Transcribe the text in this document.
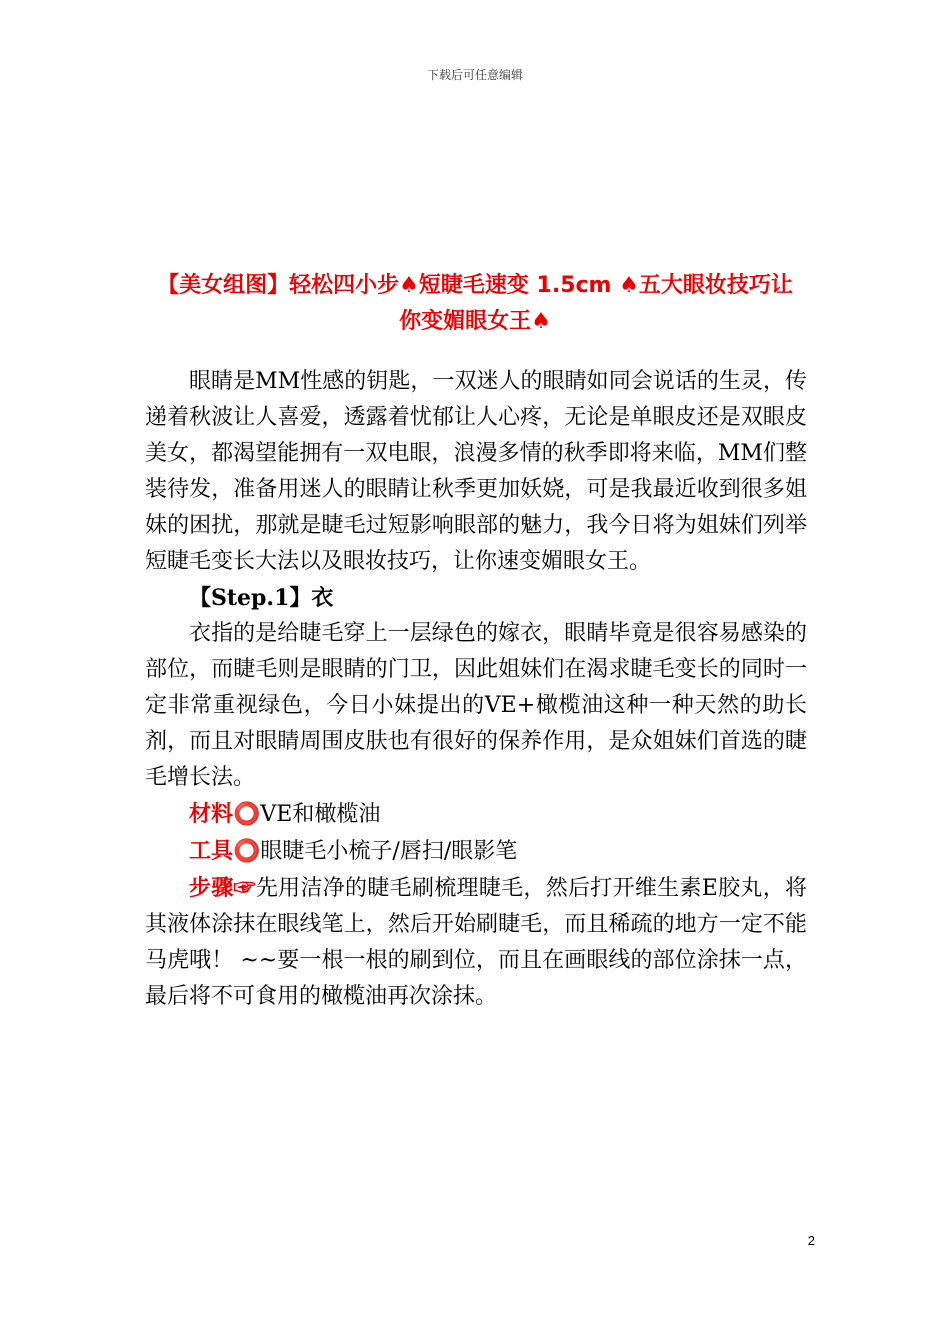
下载后可任意编辑
【美女组图】轻松四小步♠短睫毛速变 1.5cm ♠五大眼妆技巧让
你变媚眼女王♠

眼睛是MM性感的钥匙，一双迷人的眼睛如同会说话的生灵，传递着秋波让人喜爱，透露着忧郁让人心疼，无论是单眼皮还是双眼皮美女，都渴望能拥有一双电眼，浪漫多情的秋季即将来临，MM们整装待发，准备用迷人的眼睛让秋季更加妖娆，可是我最近收到很多姐妹的困扰，那就是睫毛过短影响眼部的魅力，我今日将为姐妹们列举短睫毛变长大法以及眼妆技巧，让你速变媚眼女王。

【Step.1】衣

衣指的是给睫毛穿上一层绿色的嫁衣，眼睛毕竟是很容易感染的部位，而睫毛则是眼睛的门卫，因此姐妹们在渴求睫毛变长的同时一定非常重视绿色，今日小妹提出的VE+橄榄油这种一种天然的助长剂，而且对眼睛周围皮肤也有很好的保养作用，是众姐妹们首选的睫毛增长法。

材料⭕VE和橄榄油

工具⭕眼睫毛小梳子/唇扫/眼影笔

步骤☞先用洁净的睫毛刷梳理睫毛，然后打开维生素E胶丸，将其液体涂抹在眼线笔上，然后开始刷睫毛，而且稀疏的地方一定不能马虎哦！ ~~要一根一根的刷到位，而且在画眼线的部位涂抹一点，最后将不可食用的橄榄油再次涂抹。

2
